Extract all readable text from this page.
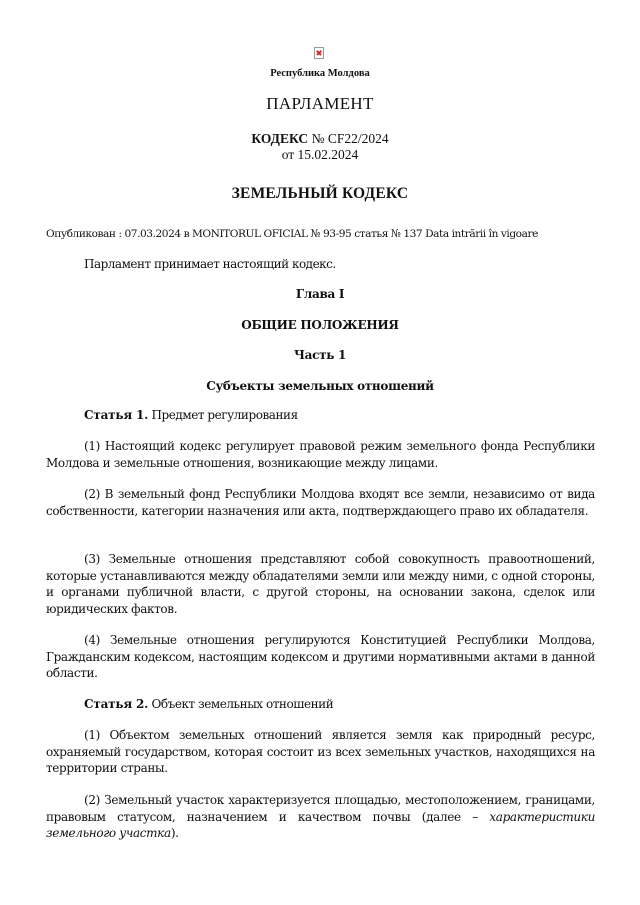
Республика Молдова
ПАРЛАМЕНТ
КОДЕКС № CF22/2024
от 15.02.2024
ЗЕМЕЛЬНЫЙ КОДЕКС
Опубликован : 07.03.2024 в MONITORUL OFICIAL № 93-95 статья № 137 Data intrării în vigoare
Парламент принимает настоящий кодекс.
Глава I
ОБЩИЕ ПОЛОЖЕНИЯ
Часть 1
Субъекты земельных отношений
Статья 1. Предмет регулирования
(1) Настоящий кодекс регулирует правовой режим земельного фонда Республики Молдова и земельные отношения, возникающие между лицами.
(2) В земельный фонд Республики Молдова входят все земли, независимо от вида собственности, категории назначения или акта, подтверждающего право их обладателя.
(3) Земельные отношения представляют собой совокупность правоотношений, которые устанавливаются между обладателями земли или между ними, с одной стороны, и органами публичной власти, с другой стороны, на основании закона, сделок или юридических фактов.
(4) Земельные отношения регулируются Конституцией Республики Молдова, Гражданским кодексом, настоящим кодексом и другими нормативными актами в данной области.
Статья 2. Объект земельных отношений
(1) Объектом земельных отношений является земля как природный ресурс, охраняемый государством, которая состоит из всех земельных участков, находящихся на территории страны.
(2) Земельный участок характеризуется площадью, местоположением, границами, правовым статусом, назначением и качеством почвы (далее – характеристики земельного участка).
